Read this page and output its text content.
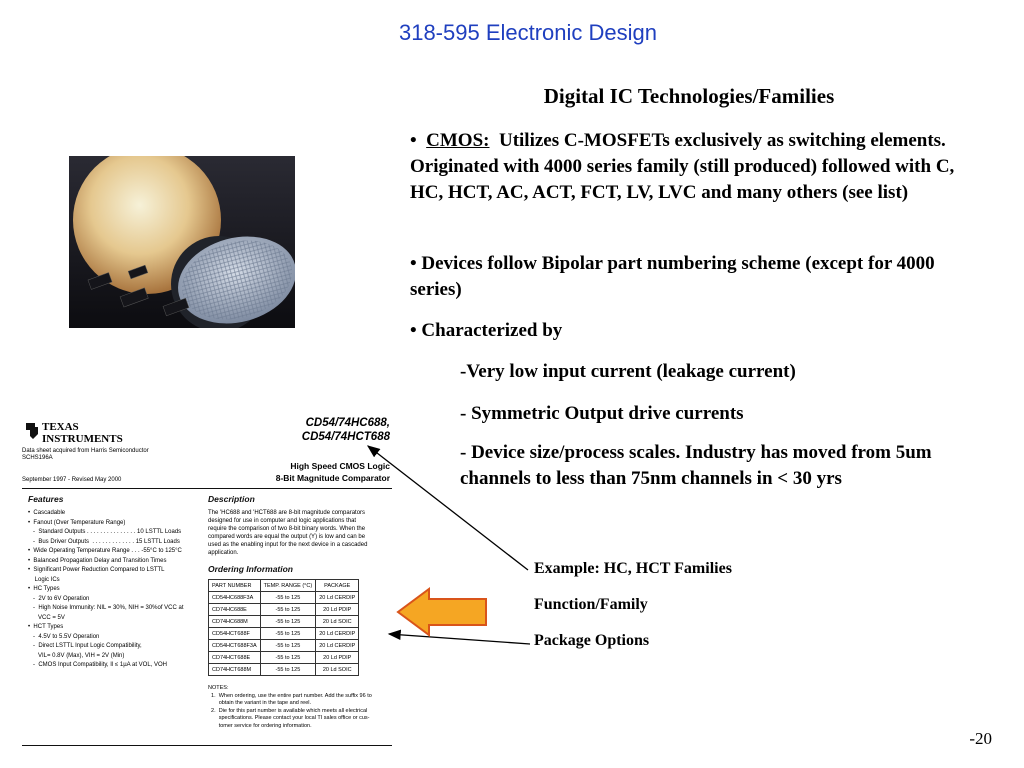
318-595 Electronic Design
Digital IC Technologies/Families
• CMOS: Utilizes C-MOSFETs exclusively as switching elements. Originated with 4000 series family (still produced) followed with C, HC, HCT, AC, ACT, FCT, LV, LVC and many others (see list)
• Devices follow Bipolar part numbering scheme (except for 4000 series)
• Characterized by
-Very low input current (leakage current)
- Symmetric Output drive currents
- Device size/process scales. Industry has moved from 5um channels to less than 75nm channels in < 30 yrs
Example: HC, HCT Families
Function/Family
Package Options
-20
TEXAS
INSTRUMENTS
Data sheet acquired from Harris Semiconductor
SCHS196A
CD54/74HC688,
CD54/74HCT688
High Speed CMOS Logic
8-Bit Magnitude Comparator
September 1997 - Revised May 2000
Features
•  Cascadable
•  Fanout (Over Temperature Range)
-  Standard Outputs . . . . . . . . . . . . . . . 10 LSTTL Loads
-  Bus Driver Outputs  . . . . . . . . . . . . . 15 LSTTL Loads
•  Wide Operating Temperature Range . . . -55°C to 125°C
•  Balanced Propagation Delay and Transition Times
•  Significant Power Reduction Compared to LSTTL
Logic ICs
•  HC Types
-  2V to 6V Operation
-  High Noise Immunity: NIL = 30%, NIH = 30%of VCC at
VCC = 5V
•  HCT Types
-  4.5V to 5.5V Operation
-  Direct LSTTL Input Logic Compatibility,
VIL= 0.8V (Max), VIH = 2V (Min)
-  CMOS Input Compatibility, Il ≤ 1µA at VOL, VOH
Description
The 'HC688 and 'HCT688 are 8-bit magnitude comparators
designed for use in computer and logic applications that
require the comparison of two 8-bit binary words. When the
compared words are equal the output (Y) is low and can be
used as the enabling input for the next device in a cascaded
application.
Ordering Information
PART NUMBER	TEMP. RANGE (°C)	PACKAGE
CD54HC688F3A	-55 to 125	20 Ld CERDIP
CD74HC688E	-55 to 125	20 Ld PDIP
CD74HC688M	-55 to 125	20 Ld SOIC
CD54HCT688F	-55 to 125	20 Ld CERDIP
CD54HCT688F3A	-55 to 125	20 Ld CERDIP
CD74HCT688E	-55 to 125	20 Ld PDIP
CD74HCT688M	-55 to 125	20 Ld SOIC
NOTES:
1.  When ordering, use the entire part number. Add the suffix 96 to
obtain the variant in the tape and reel.
2.  Die for this part number is available which meets all electrical
specifications. Please contact your local TI sales office or cus-
tomer service for ordering information.
